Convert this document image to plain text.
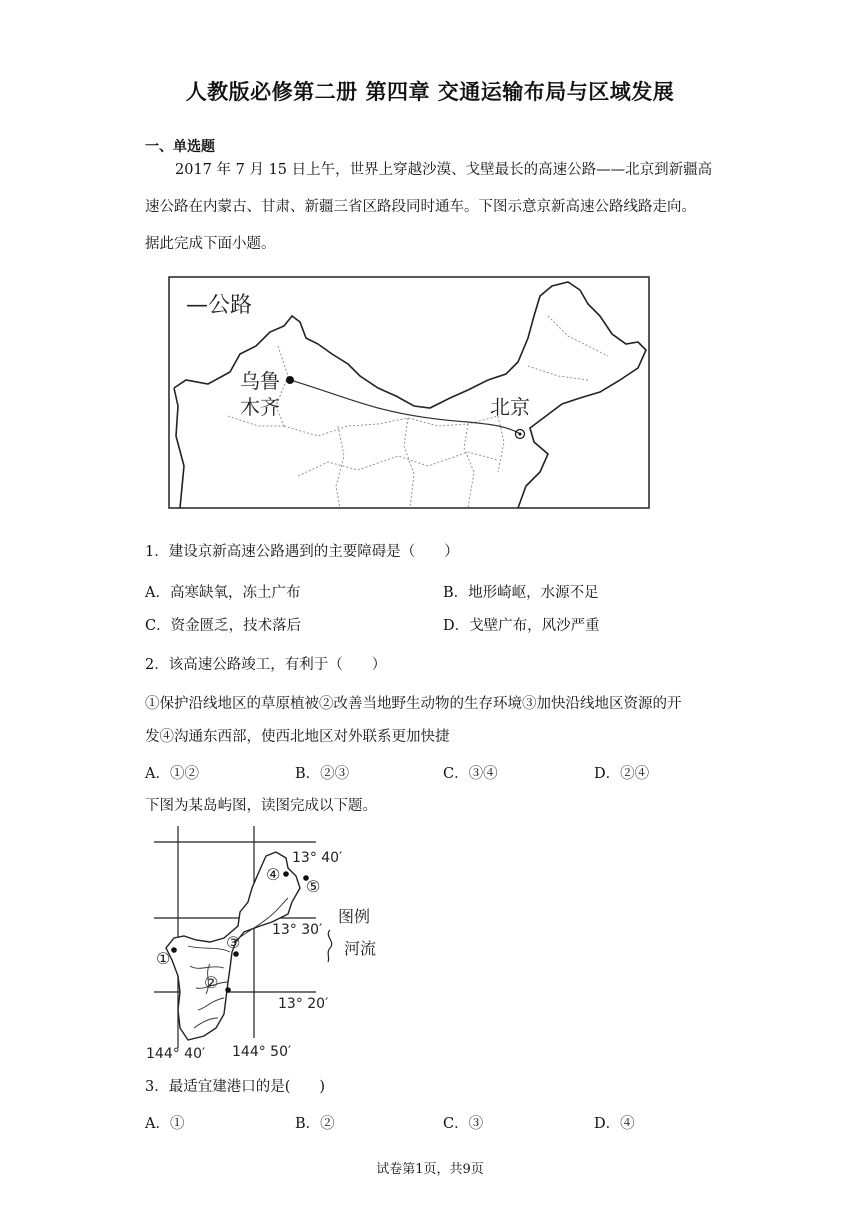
人教版必修第二册 第四章 交通运输布局与区域发展
一、单选题
2017 年 7 月 15 日上午，世界上穿越沙漠、戈壁最长的高速公路——北京到新疆高
速公路在内蒙古、甘肃、新疆三省区路段同时通车。下图示意京新高速公路线路走向。
据此完成下面小题。
—公路
乌鲁
木齐	北京
1．建设京新高速公路遇到的主要障碍是（　　）
A．高寒缺氧，冻土广布	B．地形崎岖，水源不足
C．资金匮乏，技术落后	D．戈壁广布，风沙严重
2．该高速公路竣工，有利于（　　）
①保护沿线地区的草原植被②改善当地野生动物的生存环境③加快沿线地区资源的开
发④沟通东西部，使西北地区对外联系更加快捷
A．①②	B．②③	C．③④	D．②④
下图为某岛屿图，读图完成以下题。
①
②
③
④
⑤
13° 40′
13° 30′
13° 20′
144° 40′ 144° 50′
图例
河流
3．最适宜建港口的是(　　)
A．①	B．②	C．③	D．④
试卷第1页，共9页
